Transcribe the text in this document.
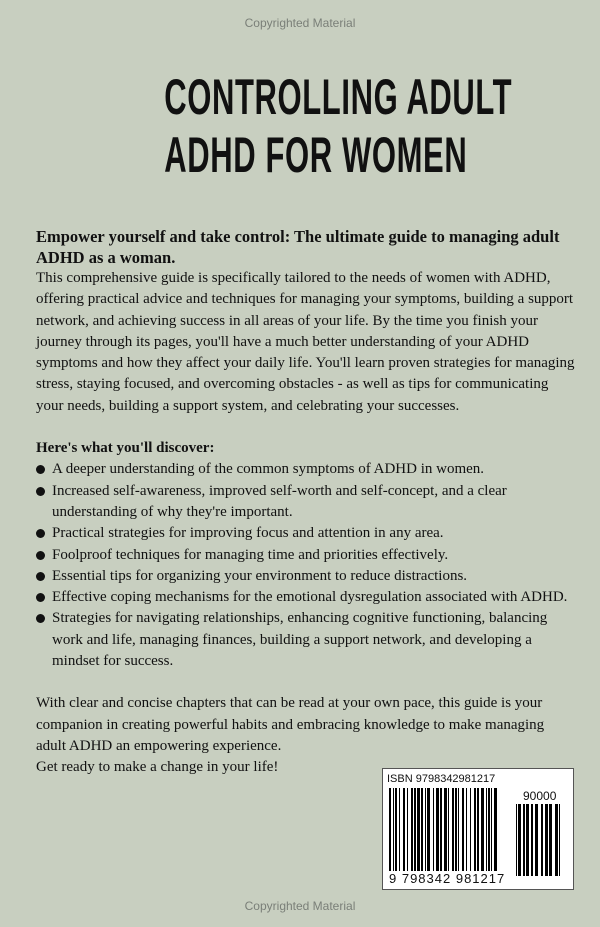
Copyrighted Material
CONTROLLING ADULT
ADHD FOR WOMEN
Empower yourself and take control: The ultimate guide to managing adult ADHD as a woman.
This comprehensive guide is specifically tailored to the needs of women with ADHD, offering practical advice and techniques for managing your symptoms, building a support network, and achieving success in all areas of your life. By the time you finish your journey through its pages, you'll have a much better understanding of your ADHD symptoms and how they affect your daily life. You'll learn proven strategies for managing stress, staying focused, and overcoming obstacles - as well as tips for communicating your needs, building a support system, and celebrating your successes.
Here's what you'll discover:
A deeper understanding of the common symptoms of ADHD in women.
Increased self-awareness, improved self-worth and self-concept, and a clear understanding of why they're important.
Practical strategies for improving focus and attention in any area.
Foolproof techniques for managing time and priorities effectively.
Essential tips for organizing your environment to reduce distractions.
Effective coping mechanisms for the emotional dysregulation associated with ADHD.
Strategies for navigating relationships, enhancing cognitive functioning, balancing work and life, managing finances, building a support network, and developing a mindset for success.
With clear and concise chapters that can be read at your own pace, this guide is your companion in creating powerful habits and embracing knowledge to make managing adult ADHD an empowering experience.
Get ready to make a change in your life!
ISBN 9798342981217
90000
9 798342 981217
Copyrighted Material
